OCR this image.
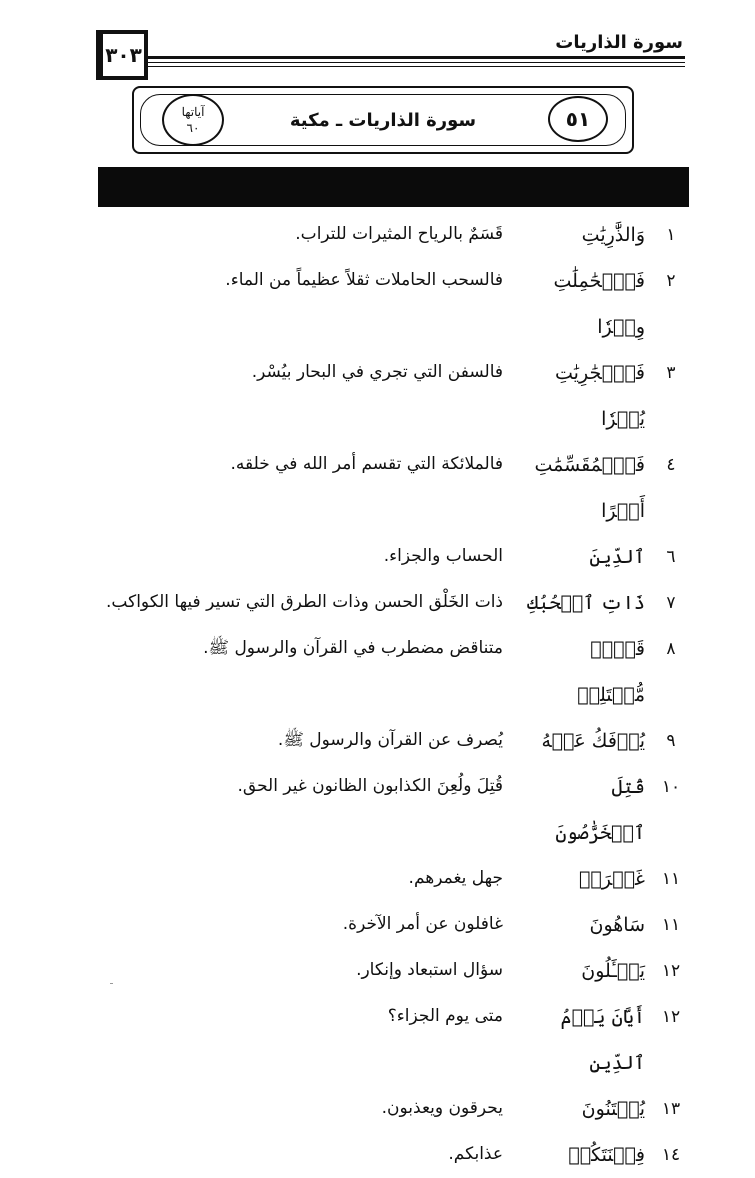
سورة الذاريات
٣٠٣
٥١
سورة الذاريات ـ مكية
آياتها
٦٠
١
وَالذَّٰرِيَٰتِ
قَسَمٌ بالرياح المثيرات للتراب.
٢
فَٱلۡحَٰمِلَٰتِ وِقۡرٗا
فالسحب الحاملات ثقلاً عظيماً من الماء.
٣
فَٱلۡجَٰرِيَٰتِ يُسۡرٗا
فالسفن التي تجري في البحار بيُسْر.
٤
فَٱلۡمُقَسِّمَٰتِ أَمۡرًا
فالملائكة التي تقسم أمر الله في خلقه.
٦
ٱلدِّينَ
الحساب والجزاء.
٧
ذَاتِ ٱلۡحُبُكِ
ذات الخَلْق الحسن وذات الطرق التي تسير فيها الكواكب.
٨
قَوۡلٖ مُّخۡتَلِفٖ
متناقض مضطرب في القرآن والرسول ﷺ.
٩
يُؤۡفَكُ عَنۡهُ
يُصرف عن القرآن والرسول ﷺ.
١٠
قُتِلَ ٱلۡخَرَّٰصُونَ
قُتِلَ ولُعِنَ الكذابون الظانون غير الحق.
١١
غَمۡرَةٖ
جهل يغمرهم.
١١
سَاهُونَ
غافلون عن أمر الآخرة.
١٢
يَسۡـَٔلُونَ
سؤال استبعاد وإنكار.
١٢
أَيَّانَ يَوۡمُ ٱلدِّينِ
متى يوم الجزاء؟
١٣
يُفۡتَنُونَ
يحرقون ويعذبون.
١٤
فِتۡنَتَكُمۡ
عذابكم.
